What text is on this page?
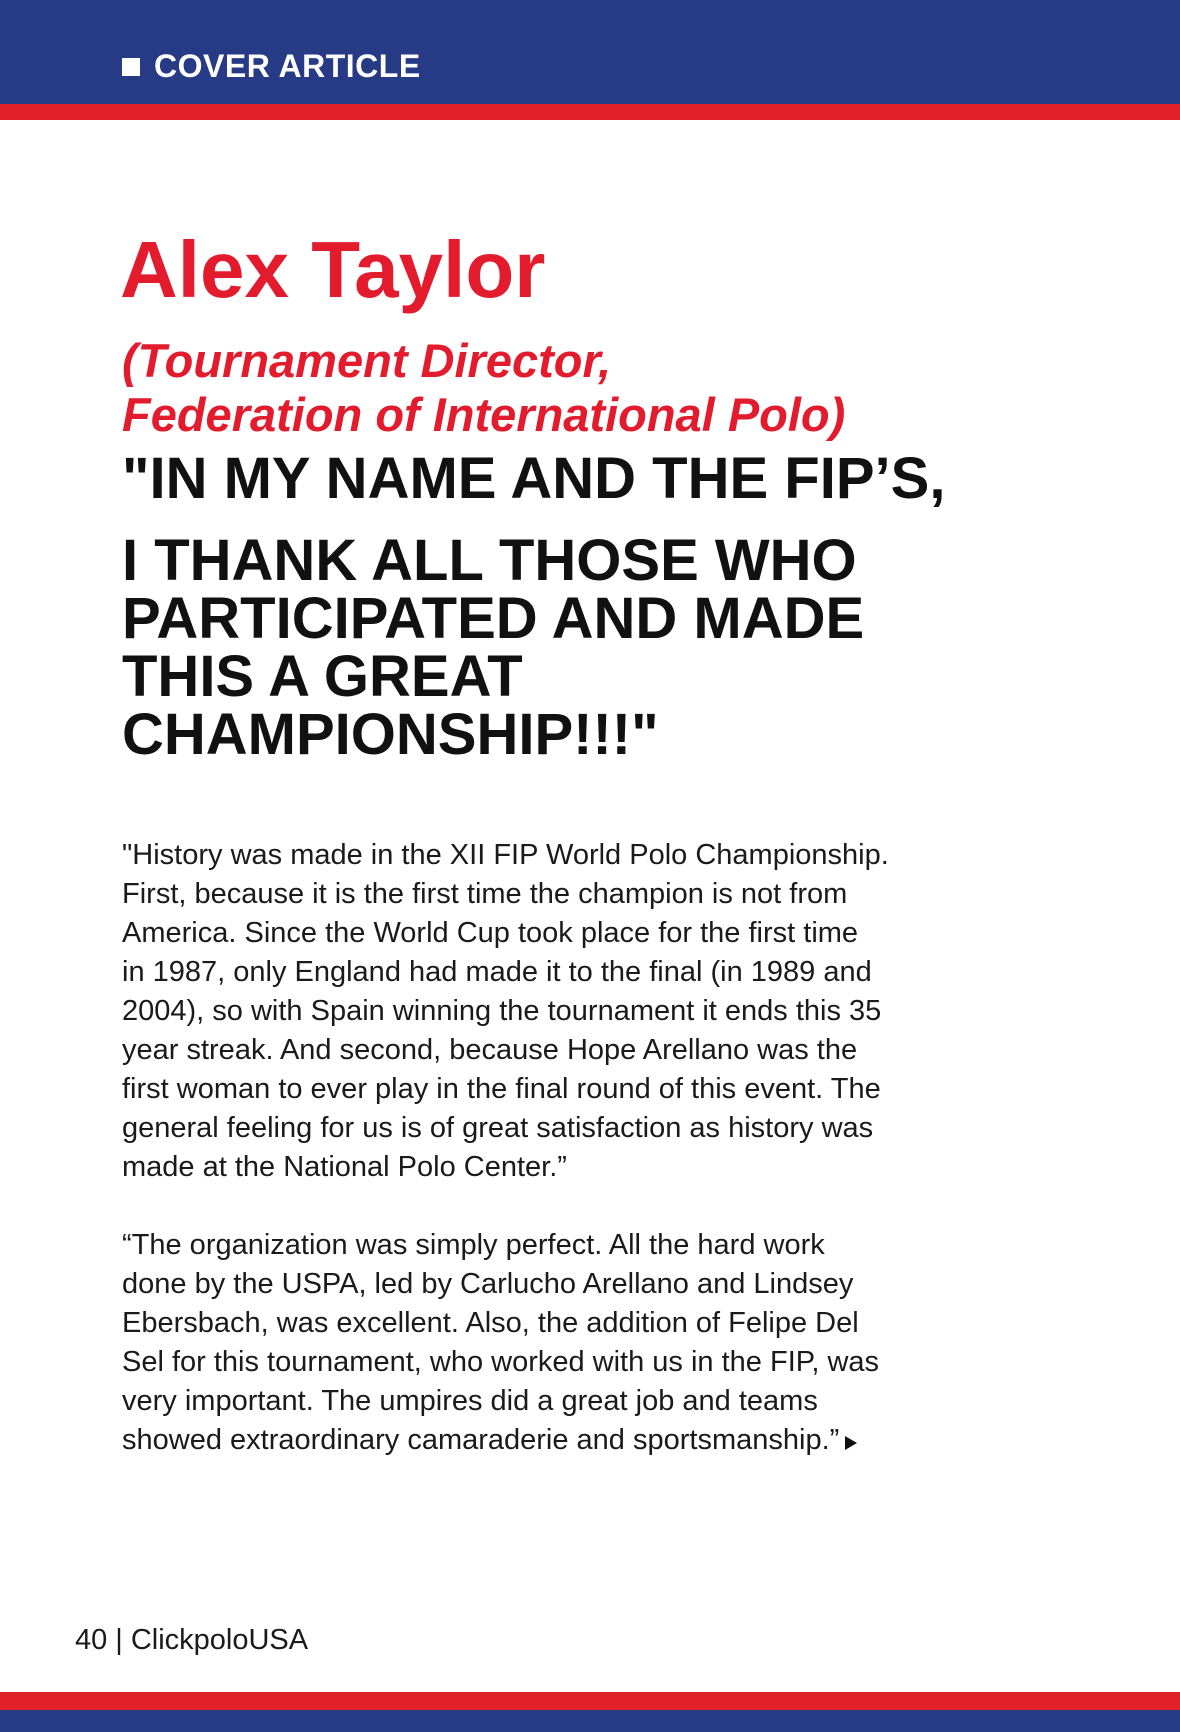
COVER ARTICLE
Alex Taylor
(Tournament Director,
Federation of International Polo)
"IN MY NAME AND THE FIP’S,
I THANK ALL THOSE WHO
PARTICIPATED AND MADE
THIS A GREAT
CHAMPIONSHIP!!!"

"History was made in the XII FIP World Polo Championship.
First, because it is the first time the champion is not from
America. Since the World Cup took place for the first time
in 1987, only England had made it to the final (in 1989 and
2004), so with Spain winning the tournament it ends this 35
year streak. And second, because Hope Arellano was the
first woman to ever play in the final round of this event. The
general feeling for us is of great satisfaction as history was
made at the National Polo Center.”

“The organization was simply perfect. All the hard work
done by the USPA, led by Carlucho Arellano and Lindsey
Ebersbach, was excellent. Also, the addition of Felipe Del
Sel for this tournament, who worked with us in the FIP, was
very important. The umpires did a great job and teams
showed extraordinary camaraderie and sportsmanship.”

40 | ClickpoloUSA
